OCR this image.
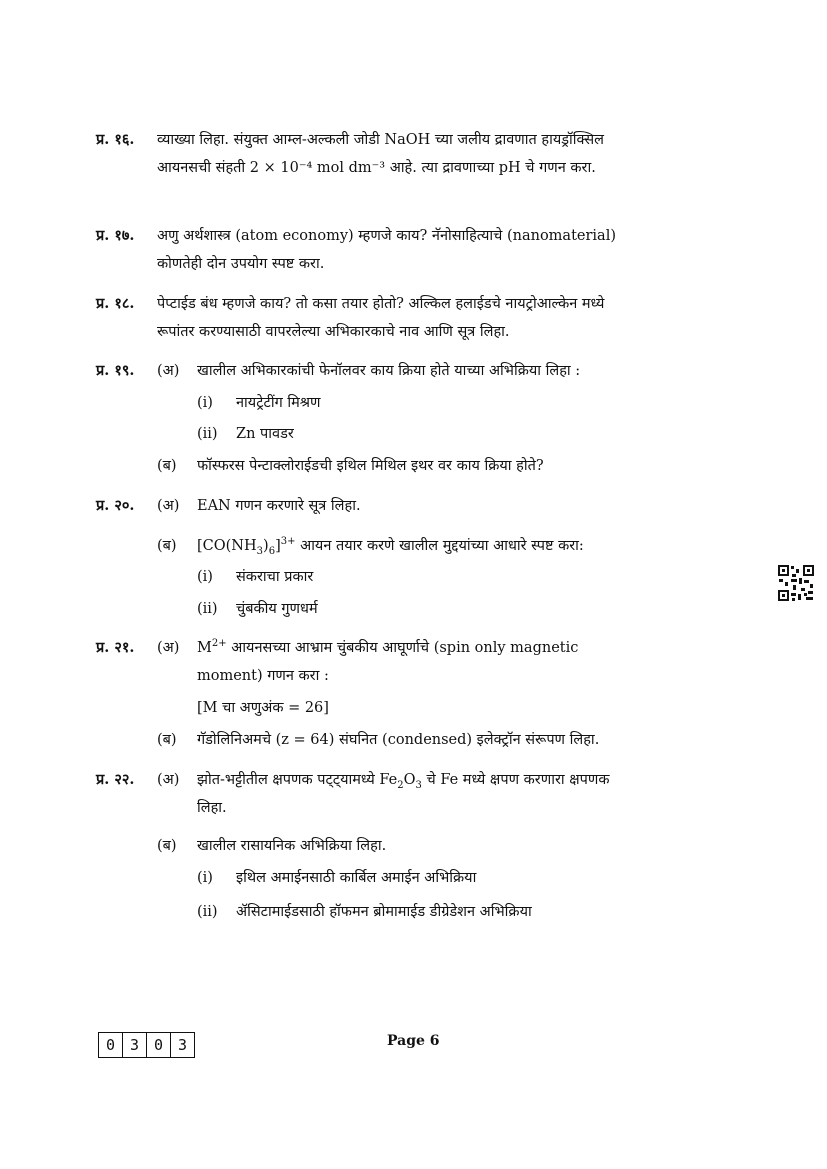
प्र. १६. व्याख्या लिहा. संयुक्त आम्ल-अल्कली जोडी NaOH च्या जलीय द्रावणात हायड्रॉक्सिल आयनसची संहती 2 × 10⁻⁴ mol dm⁻³ आहे. त्या द्रावणाच्या pH चे गणन करा.
प्र. १७. अणु अर्थशास्त्र (atom economy) म्हणजे काय? नॅनोसाहित्याचे (nanomaterial) कोणतेही दोन उपयोग स्पष्ट करा.
प्र. १८. पेप्टाईड बंध म्हणजे काय? तो कसा तयार होतो? अल्किल हलाईडचे नायट्रोआल्केन मध्ये रूपांतर करण्यासाठी वापरलेल्या अभिकारकाचे नाव आणि सूत्र लिहा.
प्र. १९. (अ) खालील अभिकारकांची फेनॉलवर काय क्रिया होते याच्या अभिक्रिया लिहा :
(i) नायट्रेटींग मिश्रण
(ii) Zn पावडर
(ब) फॉस्फरस पेन्टाक्लोराईडची इथिल मिथिल इथर वर काय क्रिया होते?
प्र. २०. (अ) EAN गणन करणारे सूत्र लिहा.
(ब) $[CO(NH_3)_6]^{3+}$ आयन तयार करणे खालील मुद्दयांच्या आधारे स्पष्ट करा:
(i) संकराचा प्रकार
(ii) चुंबकीय गुणधर्म
प्र. २१. (अ) $M^{2+}$ आयनसच्या आभ्राम चुंबकीय आघूर्णाचे (spin only magnetic moment) गणन करा :
[M चा अणुअंक = 26]
(ब) गॅडोलिनिअमचे (z = 64) संघनित (condensed) इलेक्ट्रॉन संरूपण लिहा.
प्र. २२. (अ) झोत-भट्टीतील क्षपणक पट्ट्यामध्ये $Fe_2O_3$ चे Fe मध्ये क्षपण करणारा क्षपणक लिहा.
(ब) खालील रासायनिक अभिक्रिया लिहा.
(i) इथिल अमाईनसाठी कार्बिल अमाईन अभिक्रिया
(ii) ॲसिटामाईडसाठी हॉफमन ब्रोमामाईड डीग्रेडेशन अभिक्रिया
0 3 0 3	Page 6
